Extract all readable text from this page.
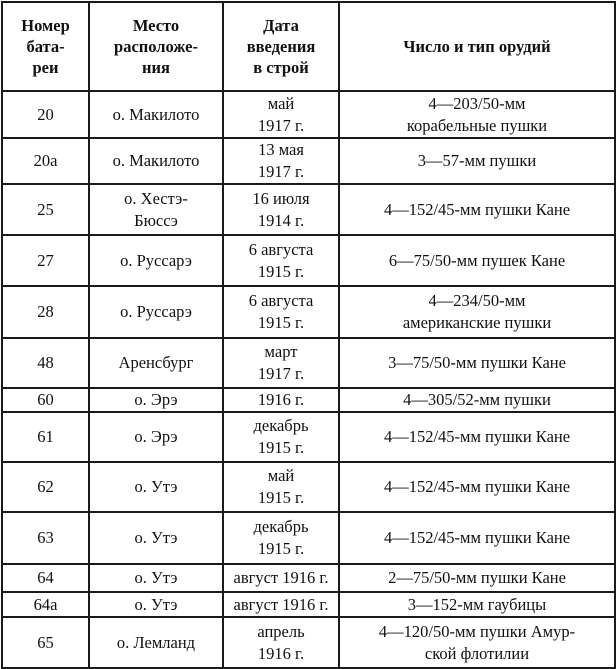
Номер
бата-
реи	Место
расположе-
ния	Дата
введения
в строй	Число и тип орудий

20	о. Макилото	май
1917 г.	4—203/50-мм
корабельные пушки

20а	о. Макилото	13 мая
1917 г.	3—57-мм пушки

25	о. Хестэ-
Бюссэ	16 июля
1914 г.	4—152/45-мм пушки Кане

27	о. Руссарэ	6 августа
1915 г.	6—75/50-мм пушек Кане

28	о. Руссарэ	6 августа
1915 г.	4—234/50-мм
американские пушки

48	Аренсбург	март
1917 г.	3—75/50-мм пушки Кане

60	о. Эрэ	1916 г.	4—305/52-мм пушки

61	о. Эрэ	декабрь
1915 г.	4—152/45-мм пушки Кане

62	о. Утэ	май
1915 г.	4—152/45-мм пушки Кане

63	о. Утэ	декабрь
1915 г.	4—152/45-мм пушки Кане

64	о. Утэ	август 1916 г.	2—75/50-мм пушки Кане

64а	о. Утэ	август 1916 г.	3—152-мм гаубицы

65	о. Лемланд	апрель
1916 г.	4—120/50-мм пушки Амур-
ской флотилии
